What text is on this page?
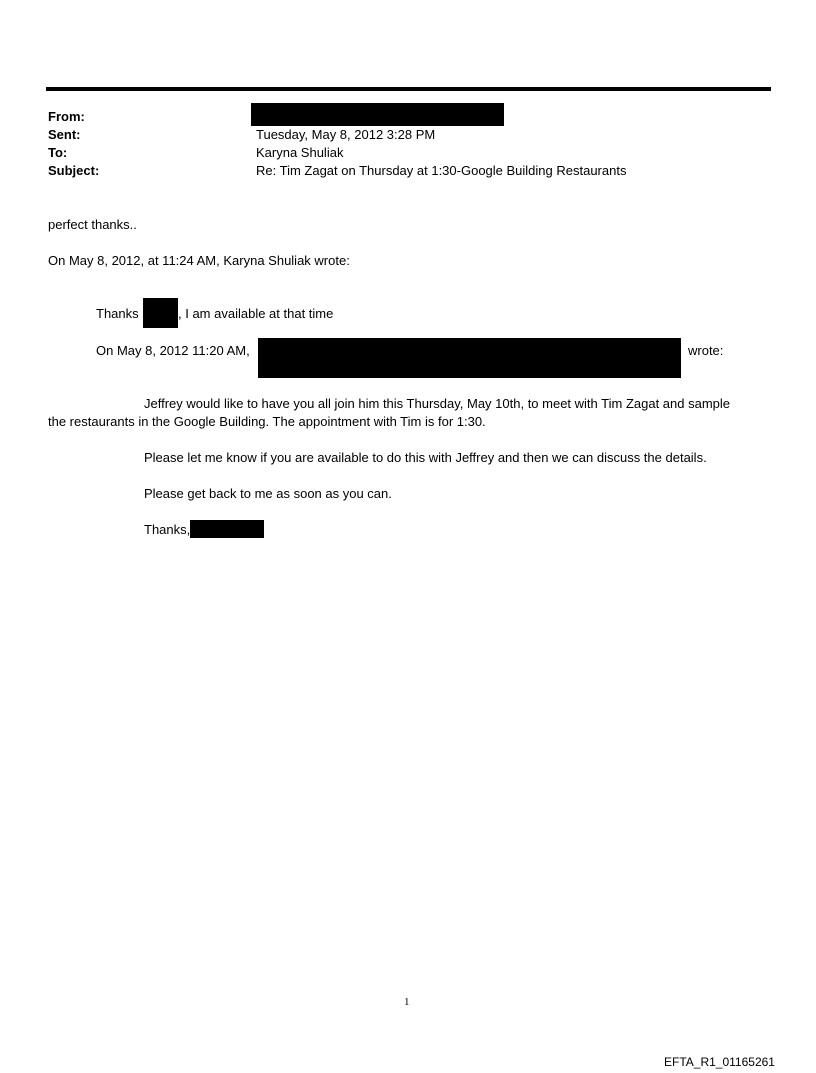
From:
Sent:
To:
Subject:
Tuesday, May 8, 2012 3:28 PM
Karyna Shuliak
Re: Tim Zagat on Thursday at 1:30-Google Building Restaurants
perfect thanks..
On May 8, 2012, at 11:24 AM, Karyna Shuliak wrote:
Thanks	, I am available at that time
On May 8, 2012 11:20 AM,	wrote:
Jeffrey would like to have you all join him this Thursday, May 10th, to meet with Tim Zagat and sample
the restaurants in the Google Building. The appointment with Tim is for 1:30.
Please let me know if you are available to do this with Jeffrey and then we can discuss the details.
Please get back to me as soon as you can.
Thanks,
1
EFTA_R1_01165261
